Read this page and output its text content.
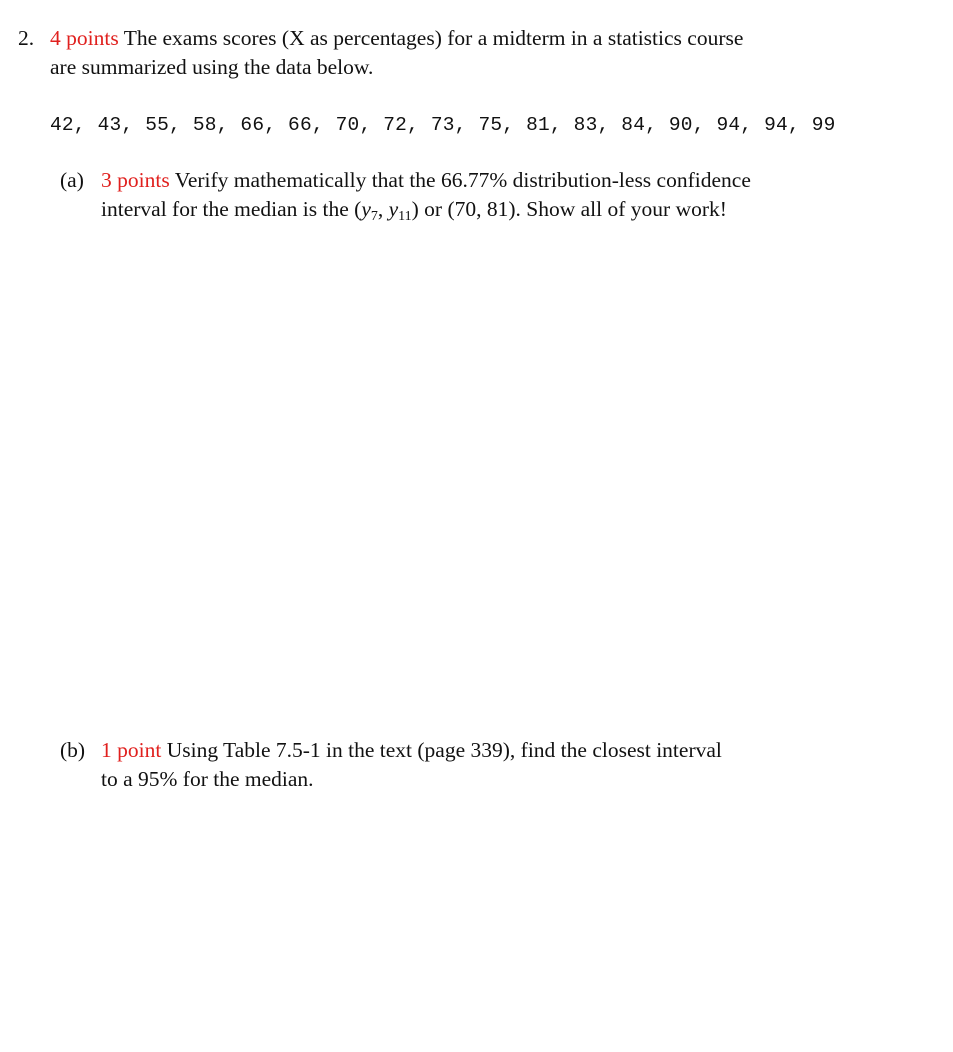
2. 4 points The exams scores (X as percentages) for a midterm in a statistics course
are summarized using the data below.
42, 43, 55, 58, 66, 66, 70, 72, 73, 75, 81, 83, 84, 90, 94, 94, 99
(a) 3 points Verify mathematically that the 66.77% distribution-less confidence
interval for the median is the ($y_7$, $y_{11}$) or (70, 81). Show all of your work!
(b) 1 point Using Table 7.5-1 in the text (page 339), find the closest interval
to a 95% for the median.
